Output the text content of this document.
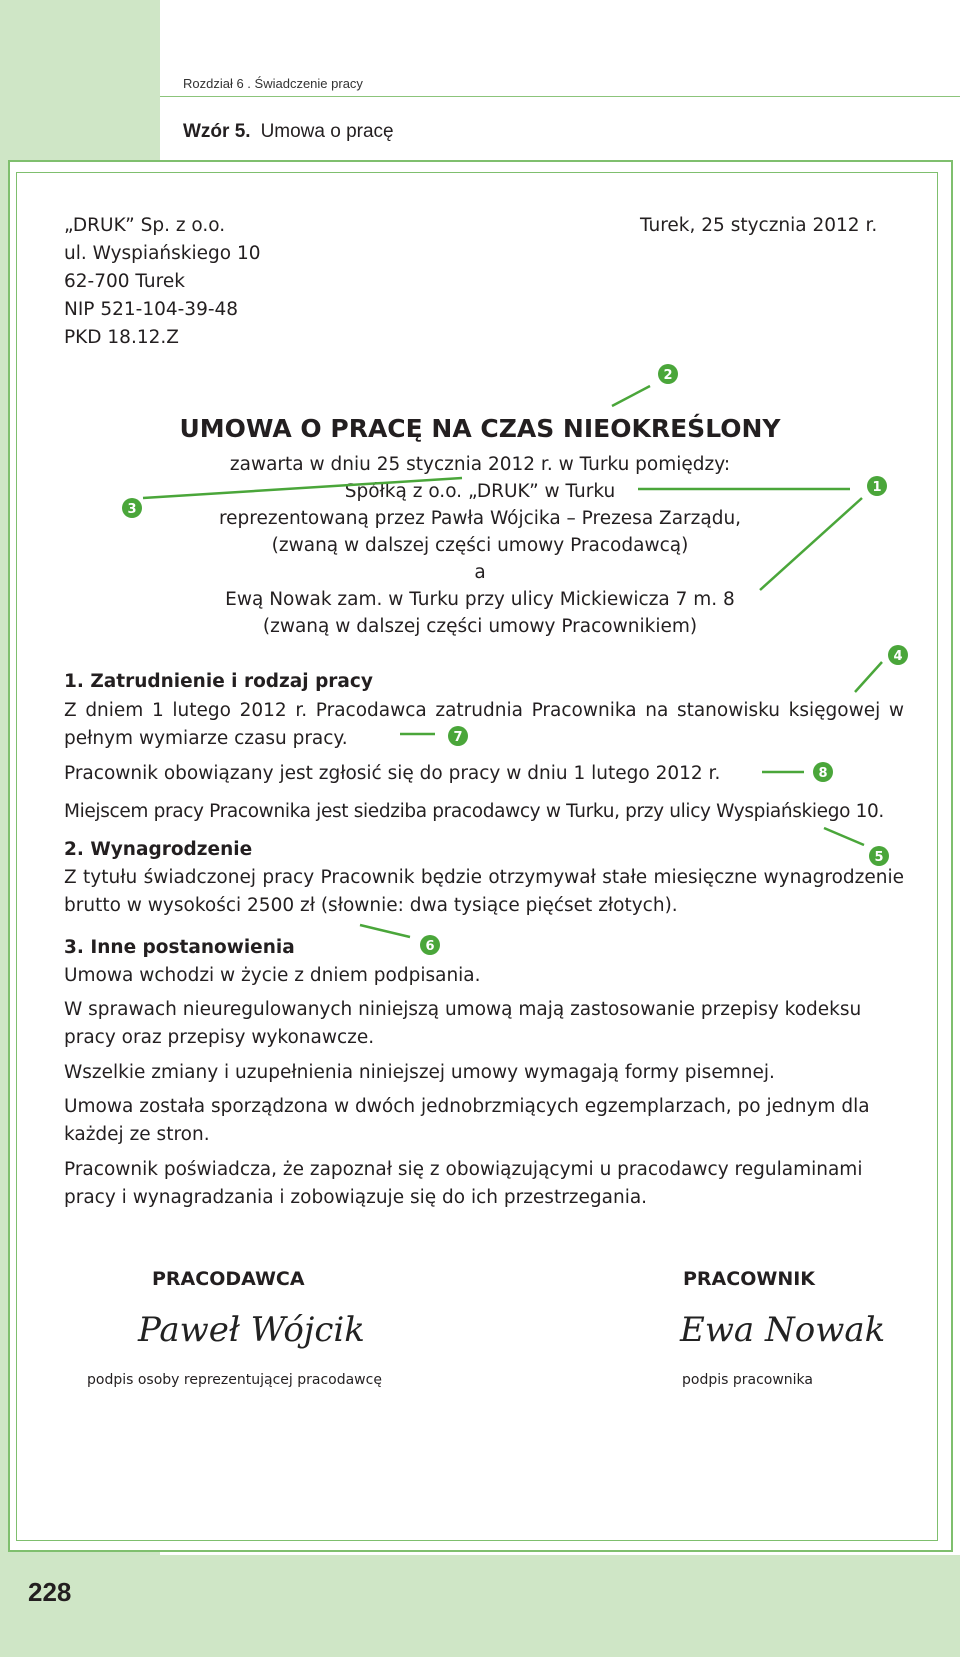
Rozdział 6 . Świadczenie pracy
Wzór 5. Umowa o pracę
„DRUK” Sp. z o.o.
ul. Wyspiańskiego 10
62-700 Turek
NIP 521-104-39-48
PKD 18.12.Z
Turek, 25 stycznia 2012 r.
UMOWA O PRACĘ NA CZAS NIEOKREŚLONY
zawarta w dniu 25 stycznia 2012 r. w Turku pomiędzy:
Spółką z o.o. „DRUK” w Turku
reprezentowaną przez Pawła Wójcika – Prezesa Zarządu,
(zwaną w dalszej części umowy Pracodawcą)
a
Ewą Nowak zam. w Turku przy ulicy Mickiewicza 7 m. 8
(zwaną w dalszej części umowy Pracownikiem)
1. Zatrudnienie i rodzaj pracy
Z dniem 1 lutego 2012 r. Pracodawca zatrudnia Pracownika na stanowisku księgowej w pełnym wymiarze czasu pracy.
Pracownik obowiązany jest zgłosić się do pracy w dniu 1 lutego 2012 r.
Miejscem pracy Pracownika jest siedziba pracodawcy w Turku, przy ulicy Wyspiańskiego 10.
2. Wynagrodzenie
Z tytułu świadczonej pracy Pracownik będzie otrzymywał stałe miesięczne wynagrodzenie brutto w wysokości 2500 zł (słownie: dwa tysiące pięćset złotych).
3. Inne postanowienia
Umowa wchodzi w życie z dniem podpisania.
W sprawach nieuregulowanych niniejszą umową mają zastosowanie przepisy kodeksu pracy oraz przepisy wykonawcze.
Wszelkie zmiany i uzupełnienia niniejszej umowy wymagają formy pisemnej.
Umowa została sporządzona w dwóch jednobrzmiących egzemplarzach, po jednym dla każdej ze stron.
Pracownik poświadcza, że zapoznał się z obowiązującymi u pracodawcy regulaminami pracy i wynagradzania i zobowiązuje się do ich przestrzegania.
PRACODAWCA
Paweł Wójcik
podpis osoby reprezentującej pracodawcę
PRACOWNIK
Ewa Nowak
podpis pracownika
228
1
2
3
4
5
6
7
8
